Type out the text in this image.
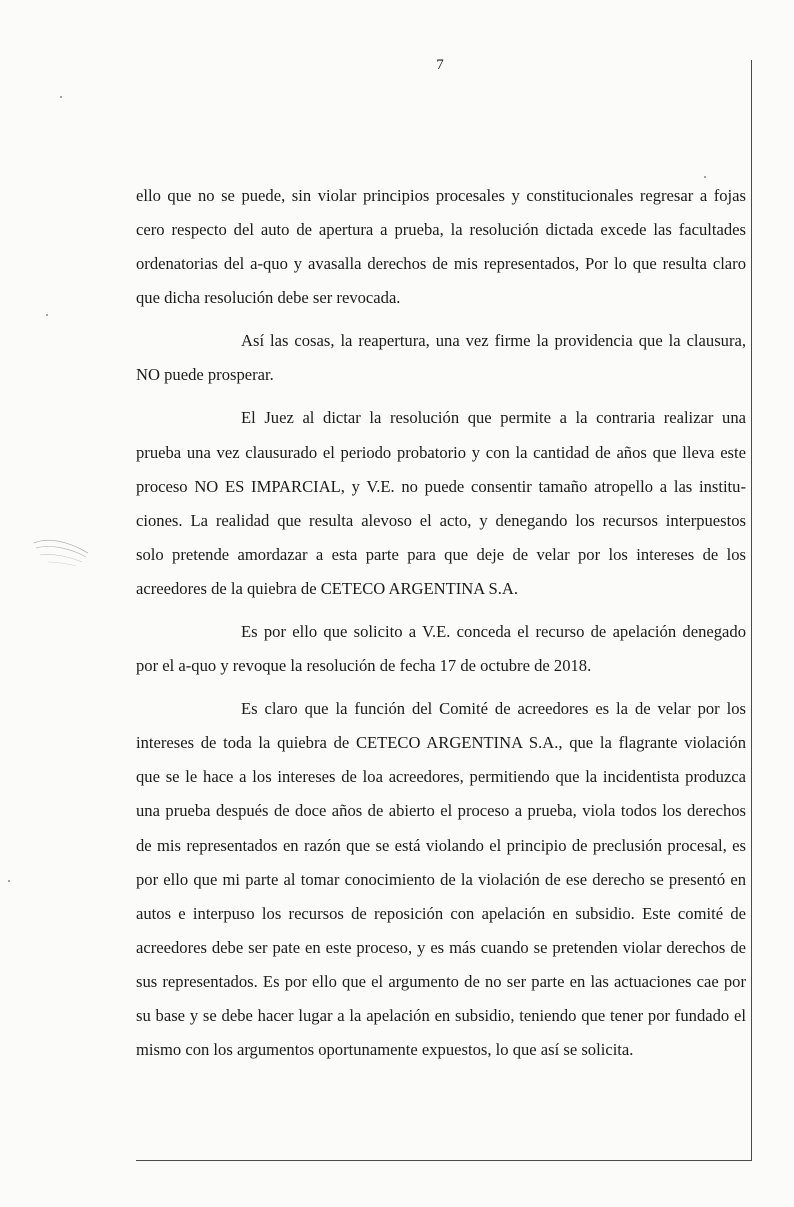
7
ello que no se puede, sin violar principios procesales y constitucionales regresar a fojas
cero respecto del auto de apertura a prueba, la resolución dictada excede las facultades
ordenatorias del a-quo y avasalla derechos de mis representados, Por lo que resulta claro
que dicha resolución debe ser revocada.
Así las cosas, la reapertura, una vez firme la providencia que la clausura,
NO puede prosperar.
El Juez al dictar la resolución que permite a la contraria realizar una
prueba una vez clausurado el periodo probatorio y con la cantidad de años que lleva este
proceso NO ES IMPARCIAL, y V.E. no puede consentir tamaño atropello a las institu-
ciones. La realidad que resulta alevoso el acto, y denegando los recursos interpuestos
solo pretende amordazar a esta parte para que deje de velar por los intereses de los
acreedores de la quiebra de CETECO ARGENTINA S.A.
Es por ello que solicito a V.E. conceda el recurso de apelación denegado
por el a-quo y revoque la resolución de fecha 17 de octubre de 2018.
Es claro que la función del Comité de acreedores es la de velar por los
intereses de toda la quiebra de CETECO ARGENTINA S.A., que la flagrante violación
que se le hace a los intereses de loa acreedores, permitiendo que la incidentista produzca
una prueba después de doce años de abierto el proceso a prueba, viola todos los derechos
de mis representados en razón que se está violando el principio de preclusión procesal, es
por ello que mi parte al tomar conocimiento de la violación de ese derecho se presentó en
autos e interpuso los recursos de reposición con apelación en subsidio. Este comité de
acreedores debe ser pate en este proceso, y es más cuando se pretenden violar derechos de
sus representados. Es por ello que el argumento de no ser parte en las actuaciones cae por
su base y se debe hacer lugar a la apelación en subsidio, teniendo que tener por fundado el
mismo con los argumentos oportunamente expuestos, lo que así se solicita.
